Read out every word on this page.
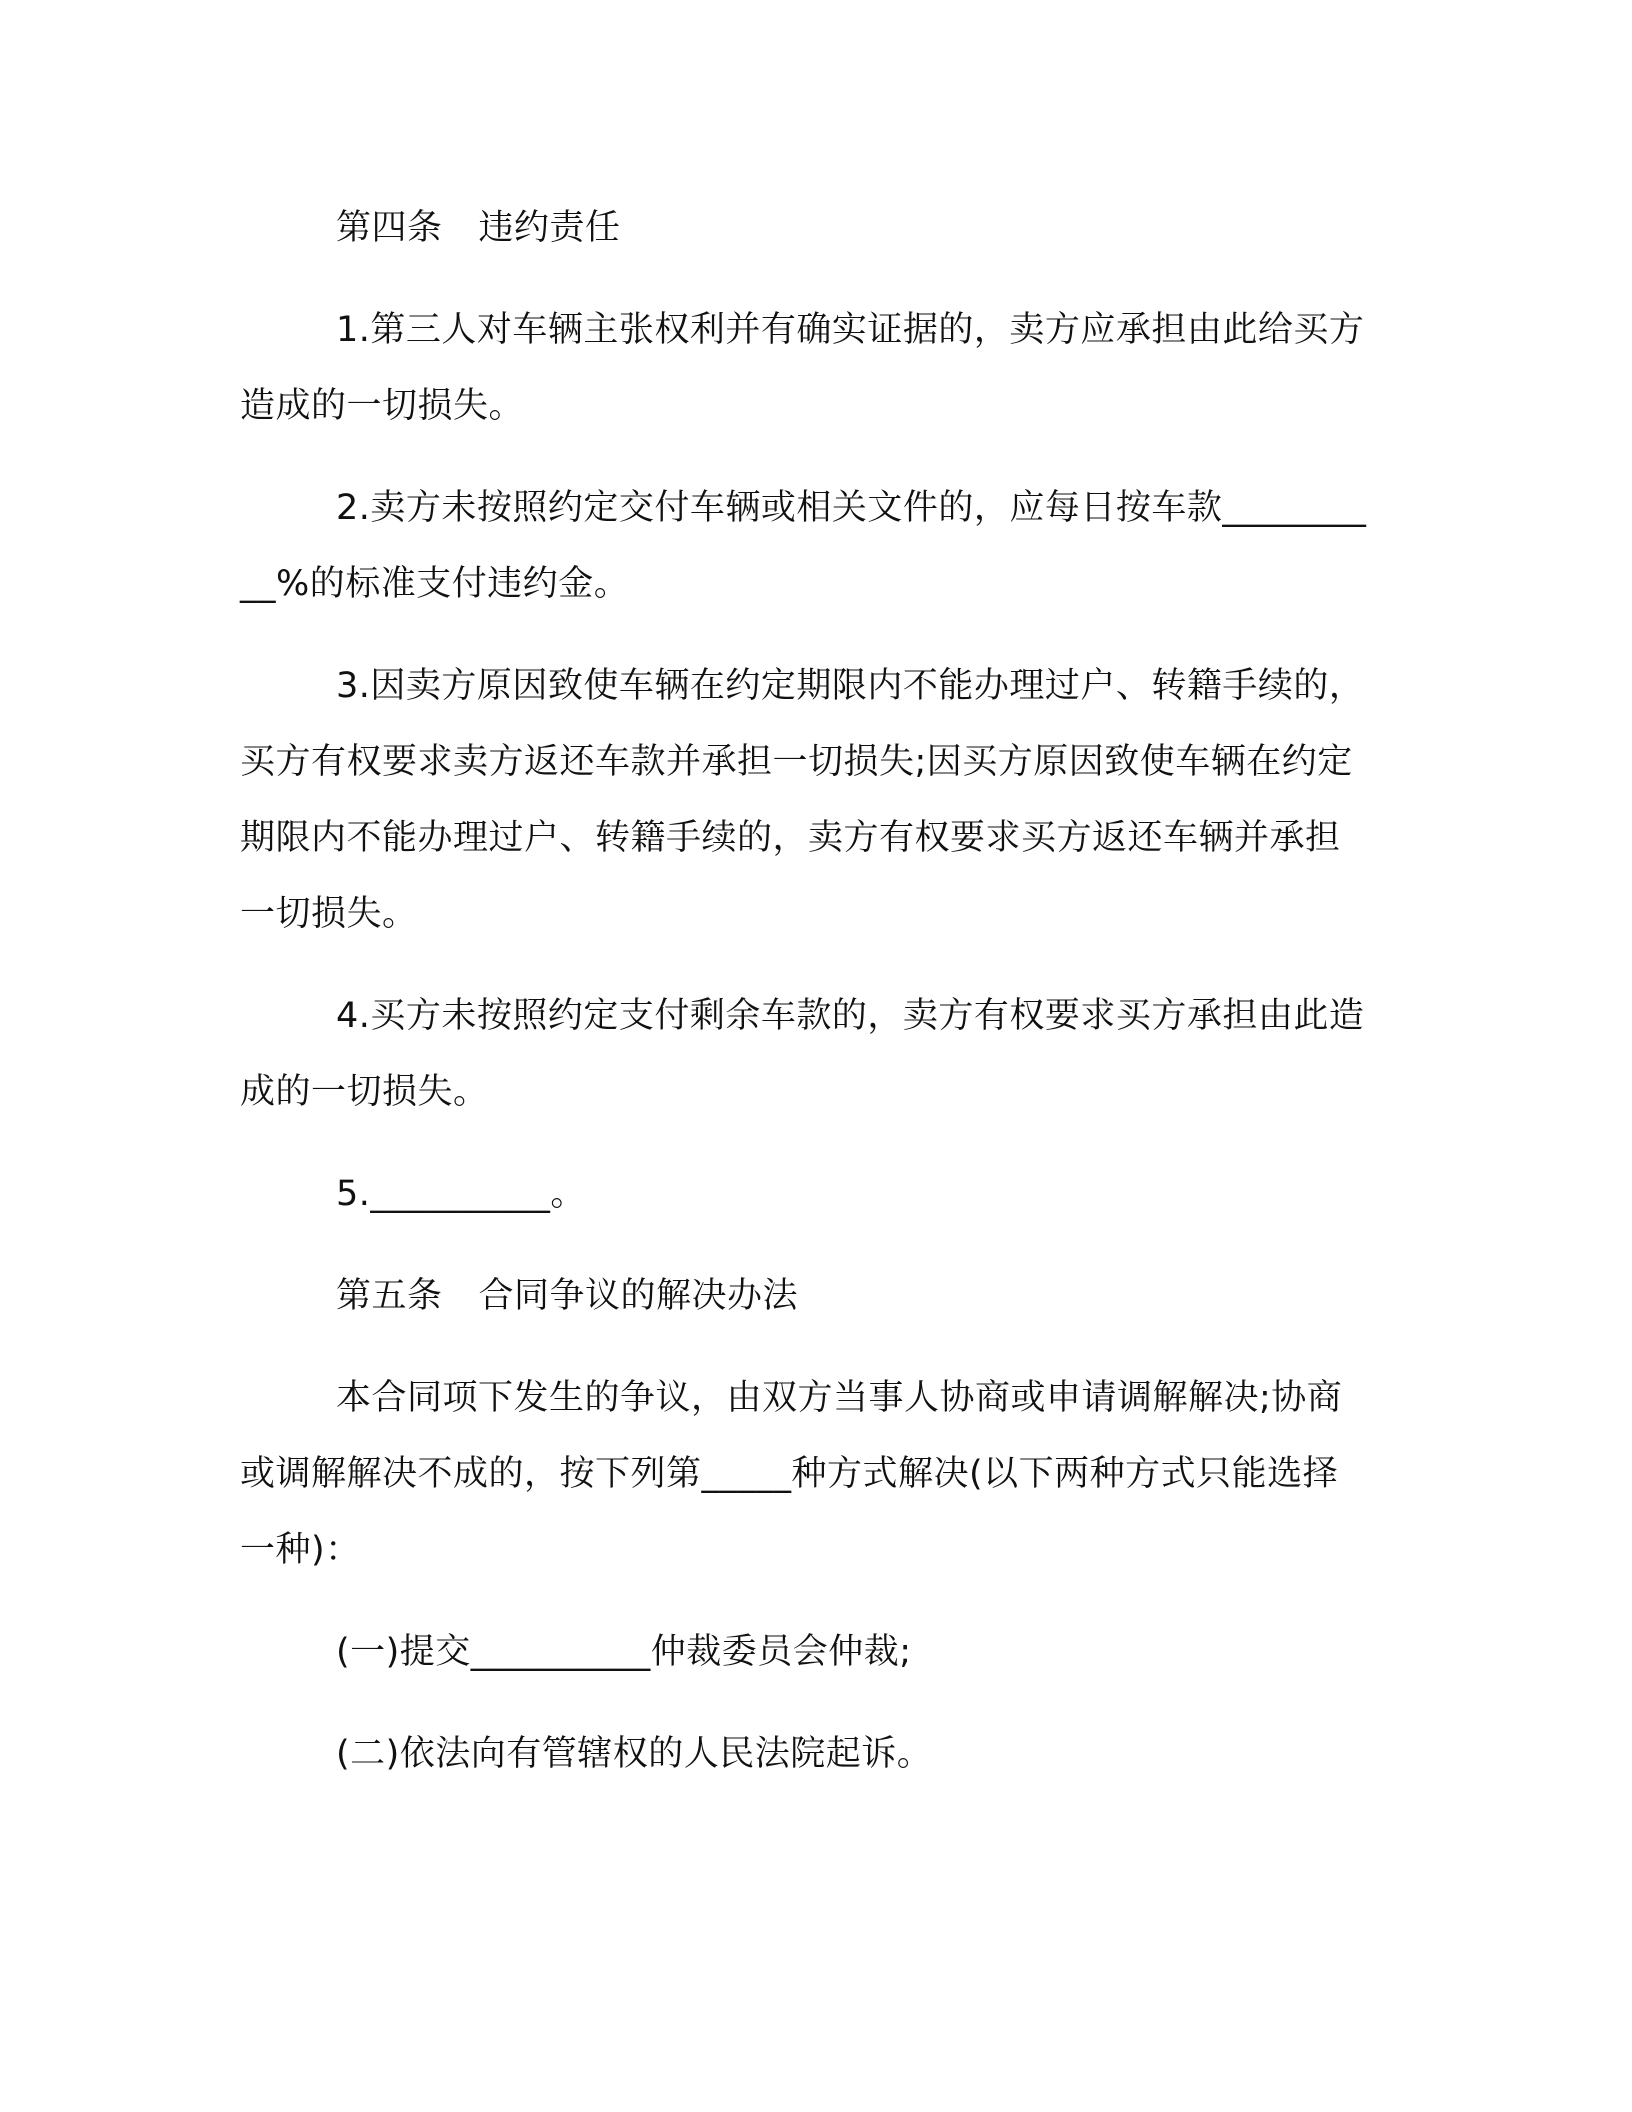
第四条 违约责任

1.第三人对车辆主张权利并有确实证据的，卖方应承担由此给买方造成的一切损失。

2.卖方未按照约定交付车辆或相关文件的，应每日按车款__________%的标准支付违约金。

3.因卖方原因致使车辆在约定期限内不能办理过户、转籍手续的，买方有权要求卖方返还车款并承担一切损失;因买方原因致使车辆在约定期限内不能办理过户、转籍手续的，卖方有权要求买方返还车辆并承担一切损失。

4.买方未按照约定支付剩余车款的，卖方有权要求买方承担由此造成的一切损失。

5.__________。

第五条 合同争议的解决办法

本合同项下发生的争议，由双方当事人协商或申请调解解决;协商或调解解决不成的，按下列第_____种方式解决(以下两种方式只能选择一种)：

(一)提交__________仲裁委员会仲裁;

(二)依法向有管辖权的人民法院起诉。
